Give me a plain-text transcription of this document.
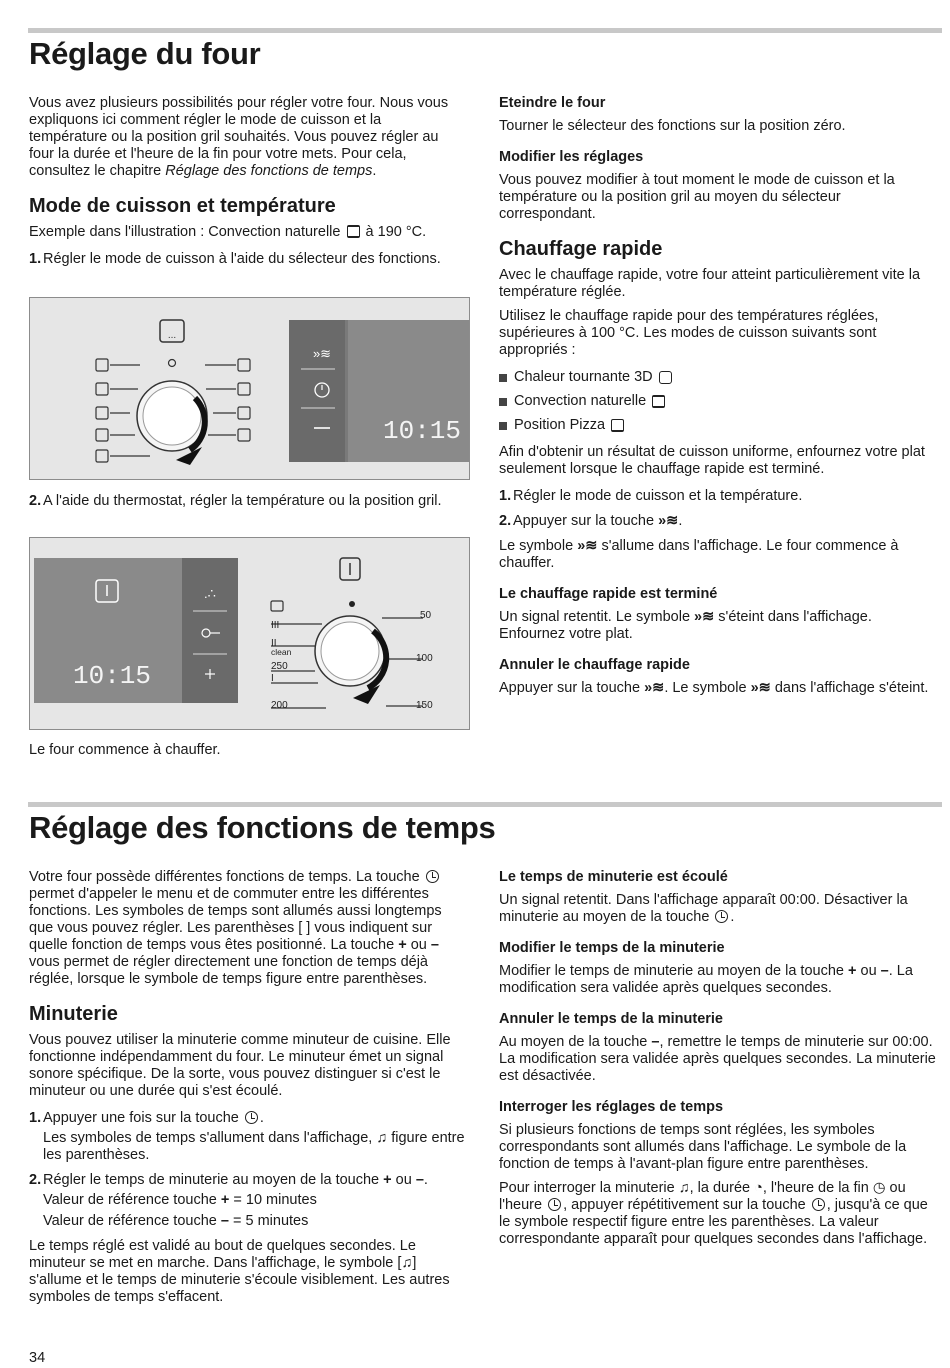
Réglage du four

Vous avez plusieurs possibilités pour régler votre four. Nous vous expliquons ici comment régler le mode de cuisson et la température ou la position gril souhaités. Vous pouvez régler au four la durée et l'heure de la fin pour votre mets. Pour cela, consultez le chapitre Réglage des fonctions de temps.

Mode de cuisson et température

Exemple dans l'illustration : Convection naturelle à 190 °C.

1. Régler le mode de cuisson à l'aide du sélecteur des fonctions.
...
»≋
10:15
2. A l'aide du thermostat, régler la température ou la position gril.
10:15
.∴
III
II
clean
250
I
200
50
100
150

Le four commence à chauffer.

Eteindre le four

Tourner le sélecteur des fonctions sur la position zéro.

Modifier les réglages

Vous pouvez modifier à tout moment le mode de cuisson et la température ou la position gril au moyen du sélecteur correspondant.

Chauffage rapide

Avec le chauffage rapide, votre four atteint particulièrement vite la température réglée.

Utilisez le chauffage rapide pour des températures réglées, supérieures à 100 °C. Les modes de cuisson suivants sont appropriés :

Chaleur tournante 3D

Convection naturelle

Position Pizza

Afin d'obtenir un résultat de cuisson uniforme, enfournez votre plat seulement lorsque le chauffage rapide est terminé.

1. Régler le mode de cuisson et la température.
2. Appuyer sur la touche »≋.

Le symbole »≋ s'allume dans l'affichage. Le four commence à chauffer.

Le chauffage rapide est terminé

Un signal retentit. Le symbole »≋ s'éteint dans l'affichage. Enfournez votre plat.

Annuler le chauffage rapide

Appuyer sur la touche »≋. Le symbole »≋ dans l'affichage s'éteint.

Réglage des fonctions de temps

Votre four possède différentes fonctions de temps. La touche  permet d'appeler le menu et de commuter entre les différentes fonctions. Les symboles de temps sont allumés aussi longtemps que vous pouvez régler. Les parenthèses [ ] vous indiquent sur quelle fonction de temps vous êtes positionné. La touche + ou – vous permet de régler directement une fonction de temps déjà réglée, lorsque le symbole de temps figure entre parenthèses.

Minuterie

Vous pouvez utiliser la minuterie comme minuteur de cuisine. Elle fonctionne indépendamment du four. Le minuteur émet un signal sonore spécifique. De la sorte, vous pouvez distinguer si c'est le minuteur ou une durée qui s'est écoulé.

1. Appuyer une fois sur la touche .

Les symboles de temps s'allument dans l'affichage, ♫ figure entre les parenthèses.

2. Régler le temps de minuterie au moyen de la touche + ou –.

Valeur de référence touche + = 10 minutes

Valeur de référence touche – = 5 minutes

Le temps réglé est validé au bout de quelques secondes. Le minuteur se met en marche. Dans l'affichage, le symbole [♫] s'allume et le temps de minuterie s'écoule visiblement. Les autres symboles de temps s'effacent.

Le temps de minuterie est écoulé

Un signal retentit. Dans l'affichage apparaît 00:00. Désactiver la minuterie au moyen de la touche .

Modifier le temps de la minuterie

Modifier le temps de minuterie au moyen de la touche + ou –. La modification sera validée après quelques secondes.

Annuler le temps de la minuterie

Au moyen de la touche –, remettre le temps de minuterie sur 00:00. La modification sera validée après quelques secondes. La minuterie est désactivée.

Interroger les réglages de temps

Si plusieurs fonctions de temps sont réglées, les symboles correspondants sont allumés dans l'affichage. Le symbole de la fonction de temps à l'avant-plan figure entre parenthèses.

Pour interroger la minuterie ♫, la durée ◔, l'heure de la fin ◷ ou l'heure , appuyer répétitivement sur la touche , jusqu'à ce que le symbole respectif figure entre les parenthèses. La valeur correspondante apparaît pour quelques secondes dans l'affichage.

34
